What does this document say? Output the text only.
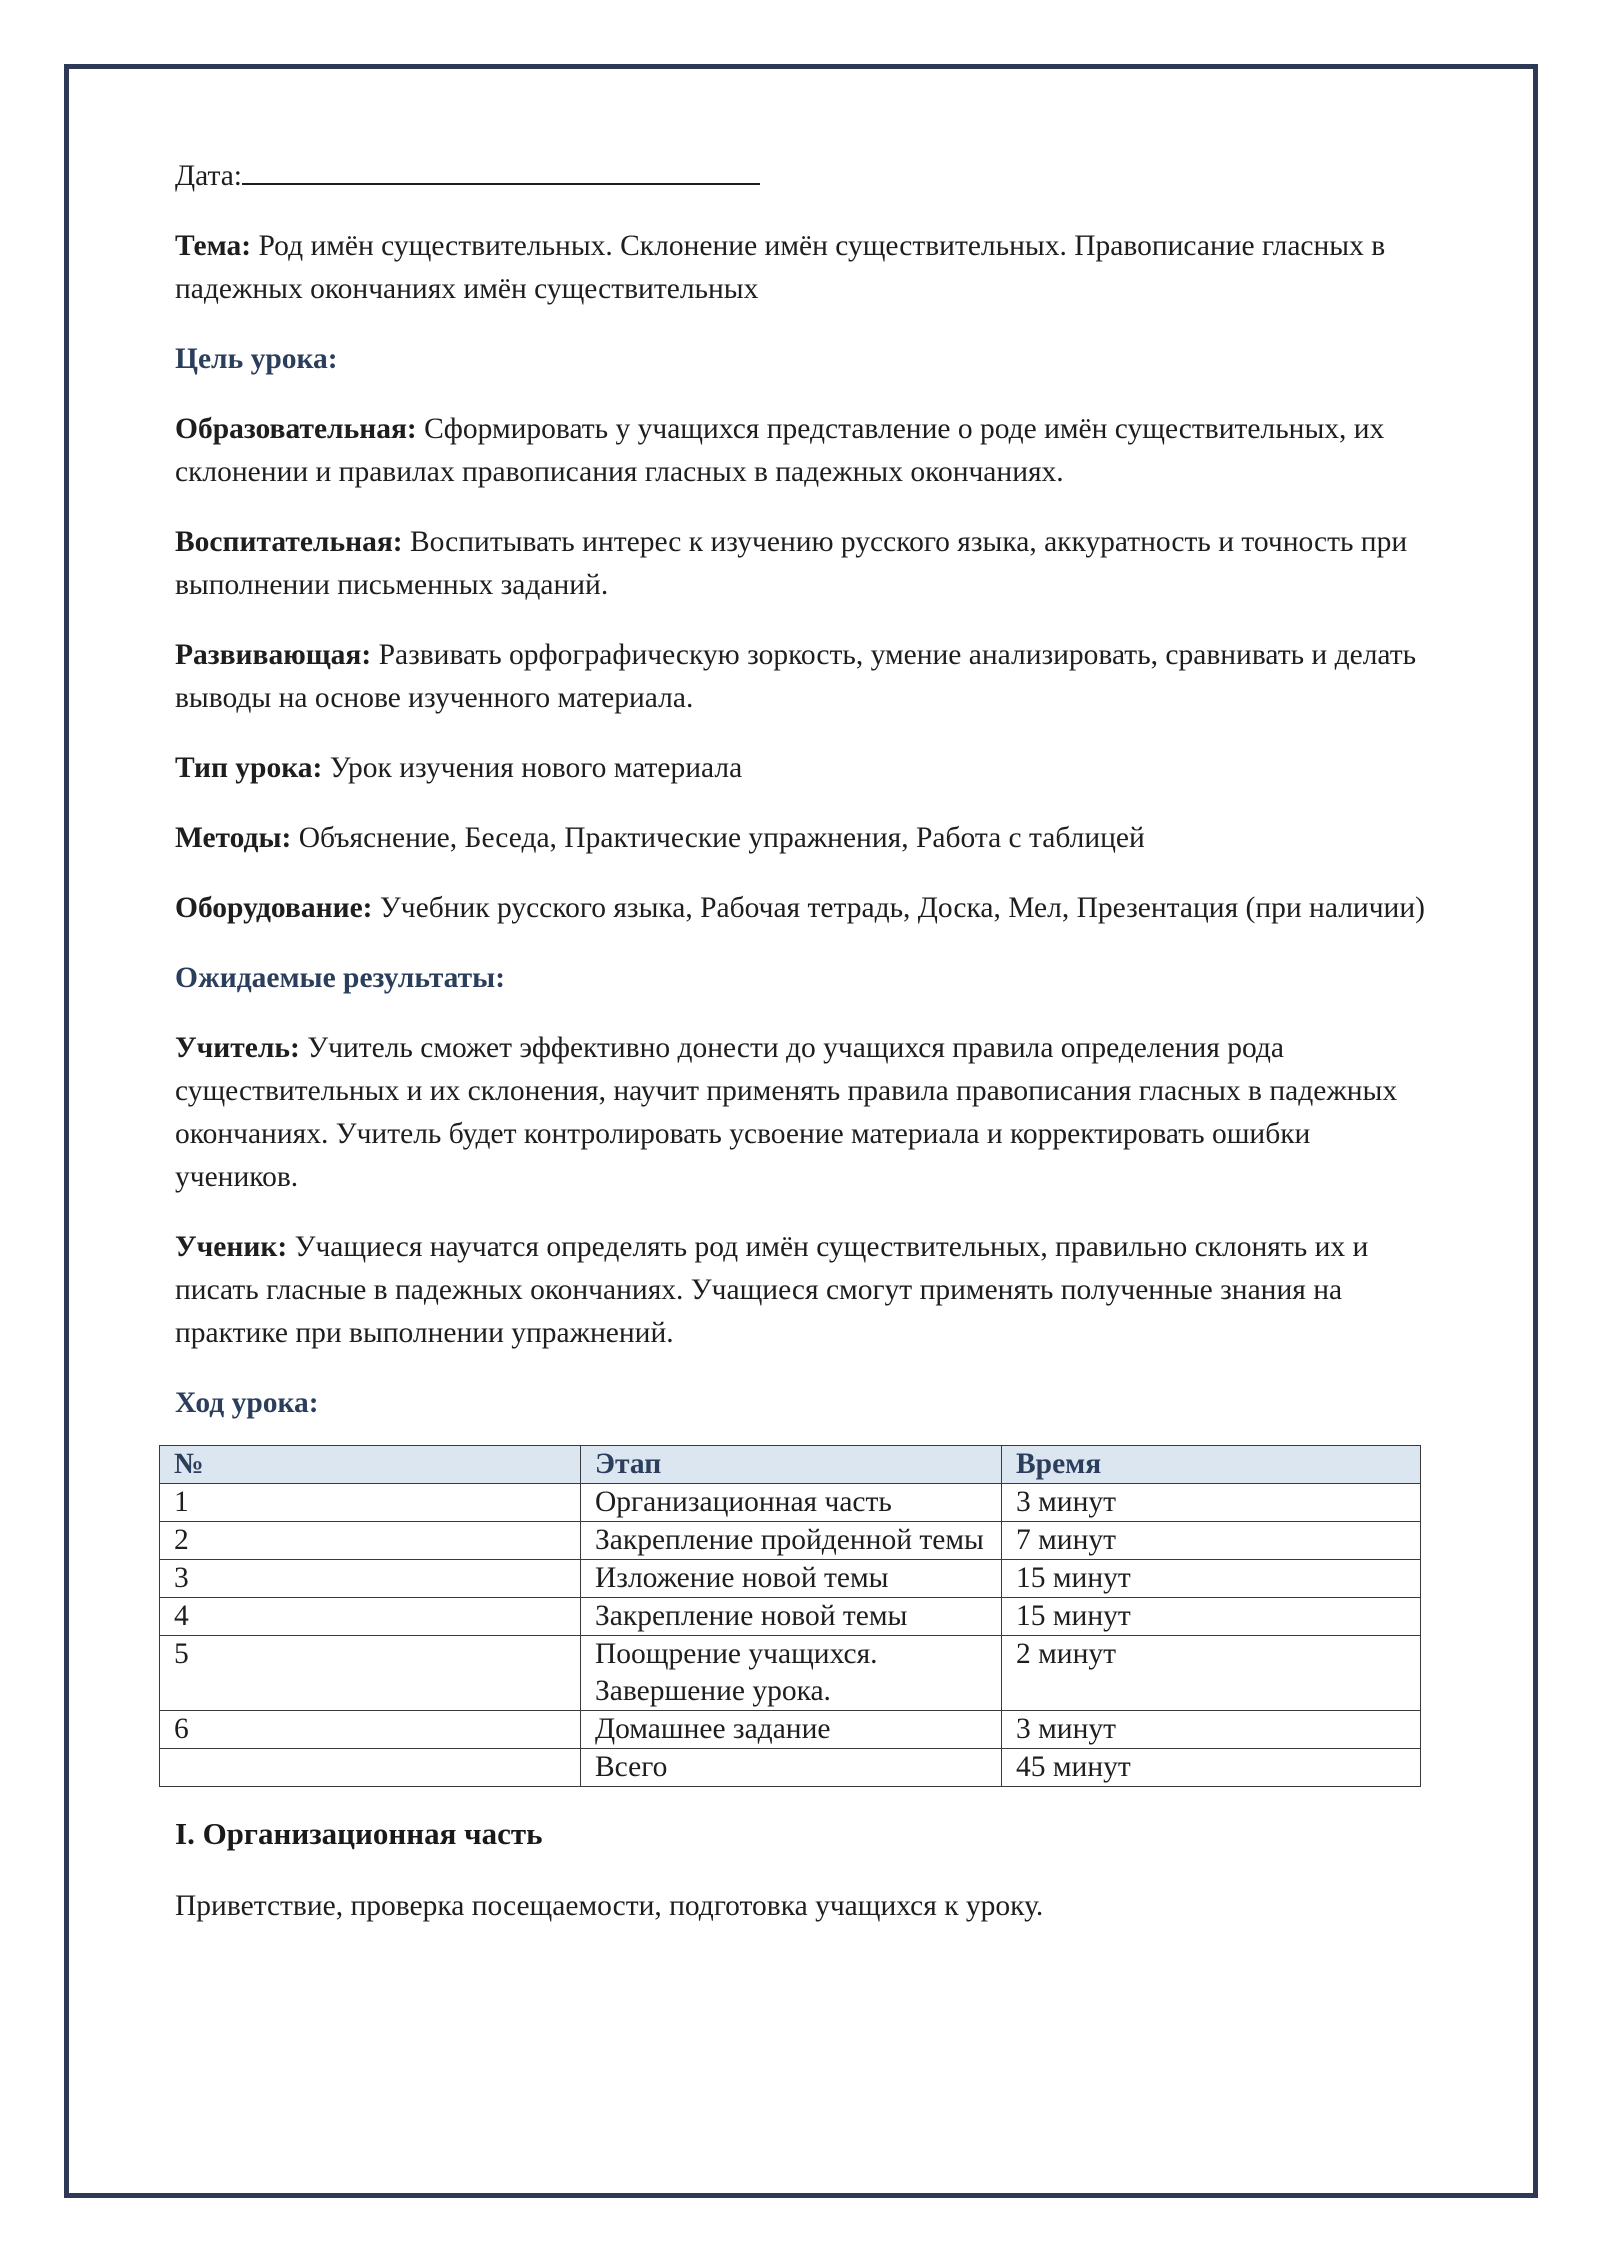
Дата:

Тема: Род имён существительных. Склонение имён существительных. Правописание гласных в падежных окончаниях имён существительных

Цель урока:

Образовательная: Сформировать у учащихся представление о роде имён существительных, их склонении и правилах правописания гласных в падежных окончаниях.

Воспитательная: Воспитывать интерес к изучению русского языка, аккуратность и точность при выполнении письменных заданий.

Развивающая: Развивать орфографическую зоркость, умение анализировать, сравнивать и делать выводы на основе изученного материала.

Тип урока: Урок изучения нового материала

Методы: Объяснение, Беседа, Практические упражнения, Работа с таблицей

Оборудование: Учебник русского языка, Рабочая тетрадь, Доска, Мел, Презентация (при наличии)

Ожидаемые результаты:

Учитель: Учитель сможет эффективно донести до учащихся правила определения рода существительных и их склонения, научит применять правила правописания гласных в падежных окончаниях. Учитель будет контролировать усвоение материала и корректировать ошибки учеников.

Ученик: Учащиеся научатся определять род имён существительных, правильно склонять их и писать гласные в падежных окончаниях. Учащиеся смогут применять полученные знания на практике при выполнении упражнений.

Ход урока:

№	Этап	Время
1	Организационная часть	3 минут
2	Закрепление пройденной темы	7 минут
3	Изложение новой темы	15 минут
4	Закрепление новой темы	15 минут
5	Поощрение учащихся. Завершение урока.	2 минут
6	Домашнее задание	3 минут
	Всего	45 минут

I. Организационная часть

Приветствие, проверка посещаемости, подготовка учащихся к уроку.
